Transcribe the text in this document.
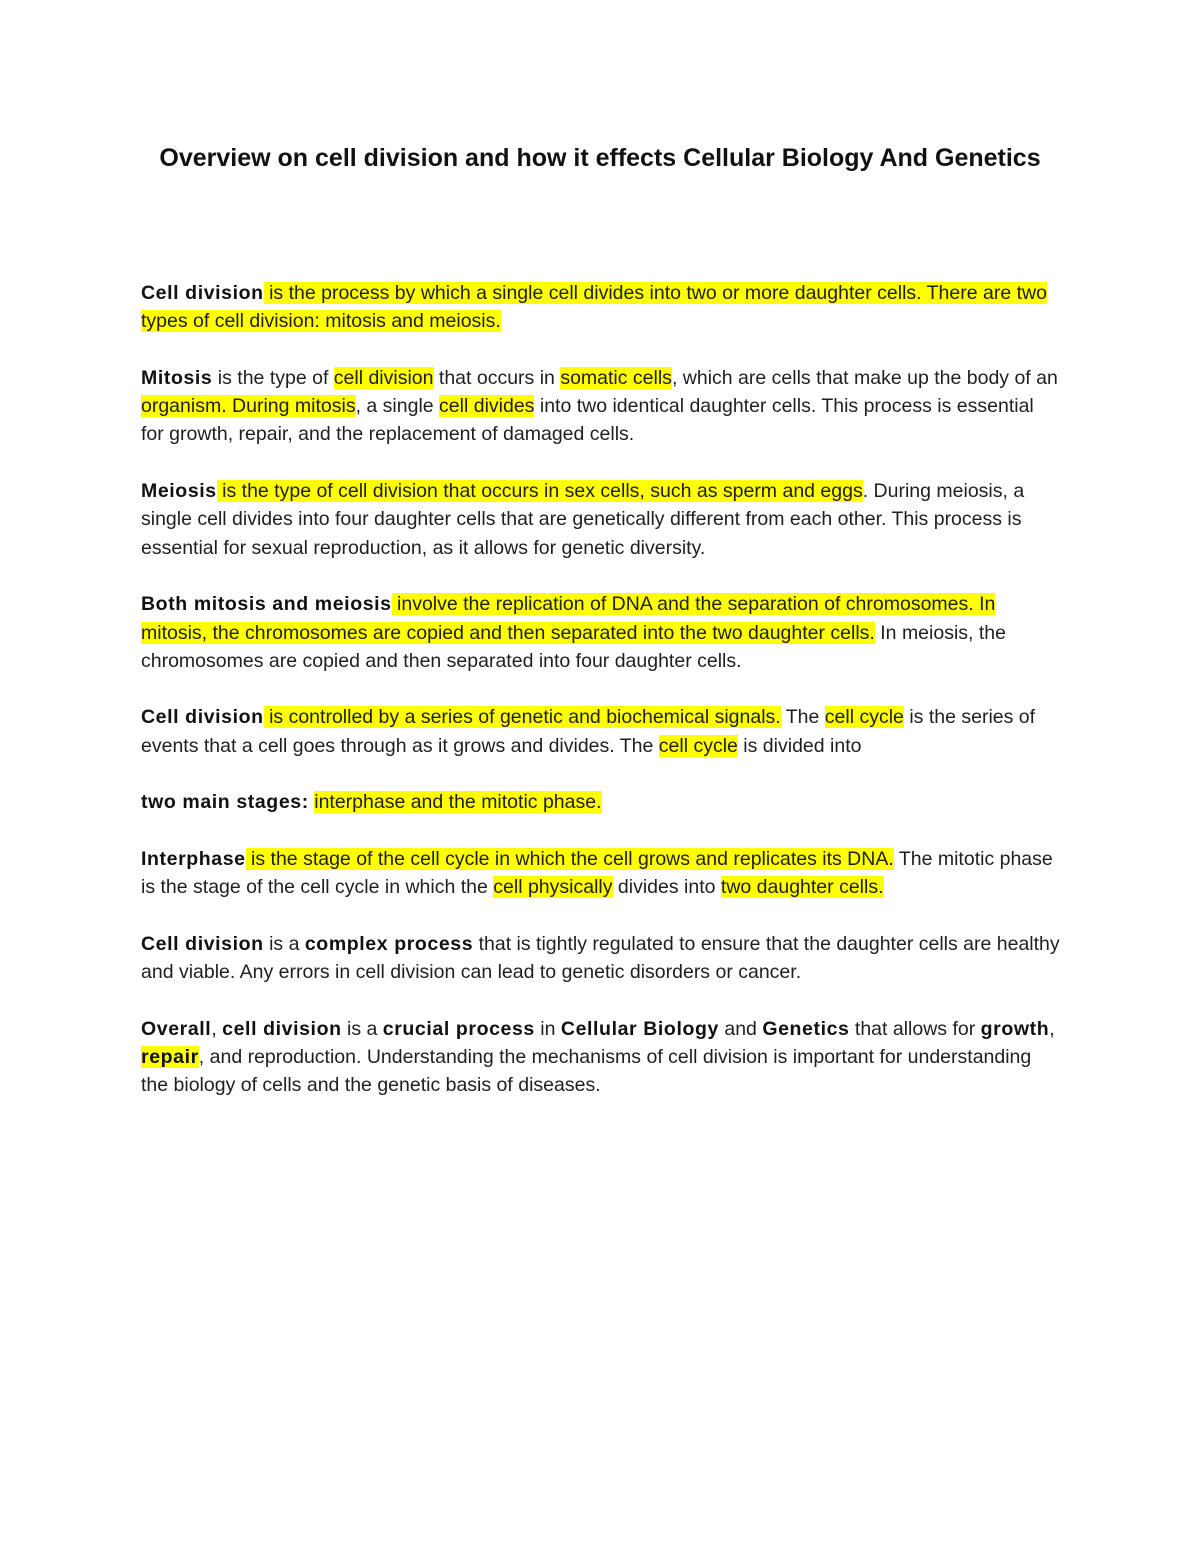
Overview on cell division and how it effects Cellular Biology And Genetics

Cell division is the process by which a single cell divides into two or more daughter cells. There are two types of cell division: mitosis and meiosis.

Mitosis is the type of cell division that occurs in somatic cells, which are cells that make up the body of an organism. During mitosis, a single cell divides into two identical daughter cells. This process is essential for growth, repair, and the replacement of damaged cells.

Meiosis is the type of cell division that occurs in sex cells, such as sperm and eggs. During meiosis, a single cell divides into four daughter cells that are genetically different from each other. This process is essential for sexual reproduction, as it allows for genetic diversity.

Both mitosis and meiosis involve the replication of DNA and the separation of chromosomes. In mitosis, the chromosomes are copied and then separated into the two daughter cells. In meiosis, the chromosomes are copied and then separated into four daughter cells.

Cell division is controlled by a series of genetic and biochemical signals. The cell cycle is the series of events that a cell goes through as it grows and divides. The cell cycle is divided into

two main stages: interphase and the mitotic phase.

Interphase is the stage of the cell cycle in which the cell grows and replicates its DNA. The mitotic phase is the stage of the cell cycle in which the cell physically divides into two daughter cells.

Cell division is a complex process that is tightly regulated to ensure that the daughter cells are healthy and viable. Any errors in cell division can lead to genetic disorders or cancer.

Overall, cell division is a crucial process in Cellular Biology and Genetics that allows for growth, repair, and reproduction. Understanding the mechanisms of cell division is important for understanding the biology of cells and the genetic basis of diseases.
